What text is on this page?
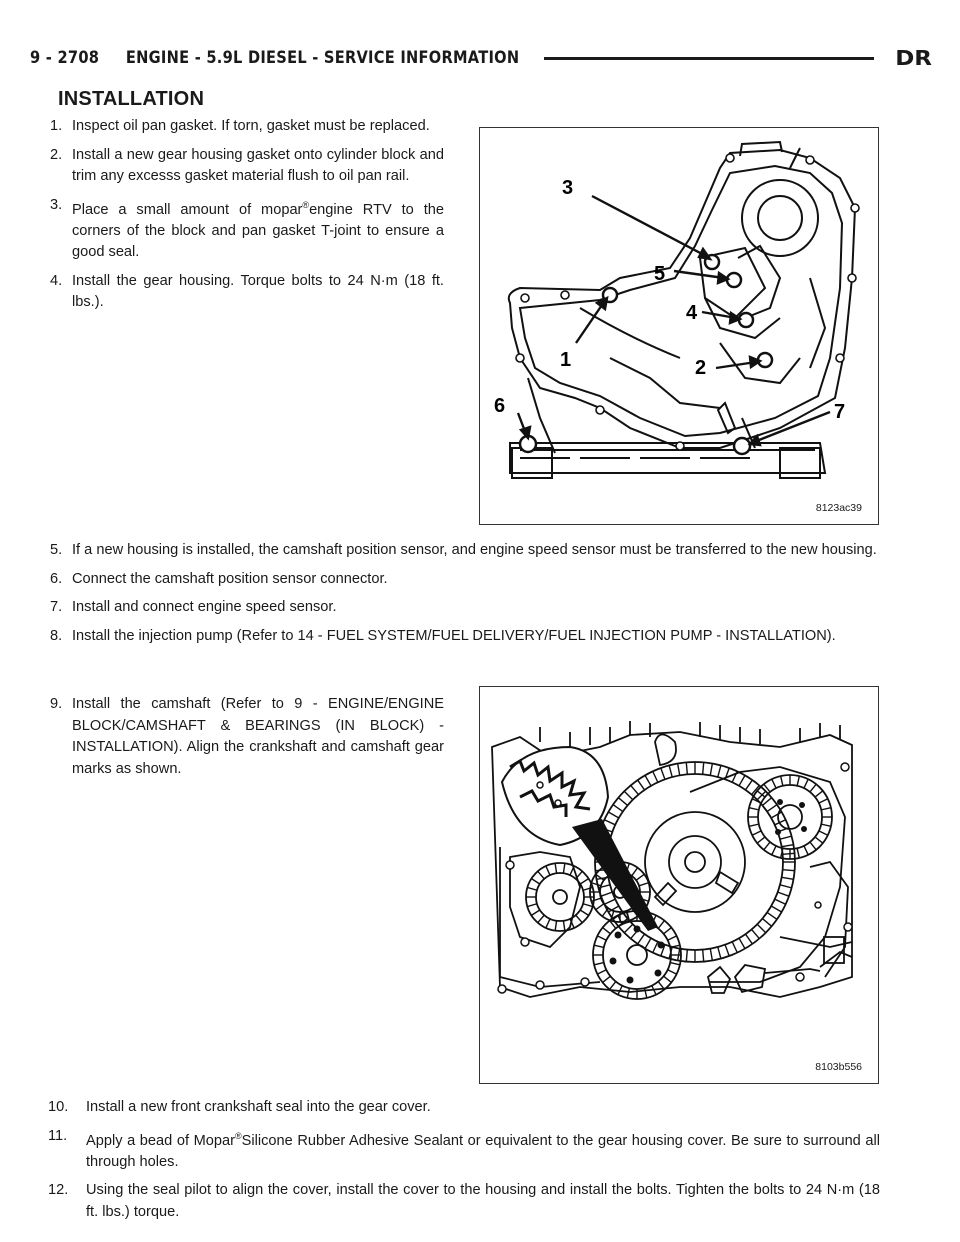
9 - 2708     ENGINE - 5.9L DIESEL - SERVICE INFORMATION	DR
INSTALLATION
1. Inspect oil pan gasket. If torn, gasket must be replaced.
2. Install a new gear housing gasket onto cylinder block and trim any excesss gasket material flush to oil pan rail.
3. Place a small amount of mopar®engine RTV to the corners of the block and pan gasket T-joint to ensure a good seal.
4. Install the gear housing. Torque bolts to 24 N·m (18 ft. lbs.).
3
5
4
1	2
6	7
8123ac39
5. If a new housing is installed, the camshaft position sensor, and engine speed sensor must be transferred to the new housing.
6. Connect the camshaft position sensor connector.
7. Install and connect engine speed sensor.
8. Install the injection pump (Refer to 14 - FUEL SYSTEM/FUEL DELIVERY/FUEL INJECTION PUMP - INSTALLATION).
9. Install the camshaft (Refer to 9 - ENGINE/ENGINE BLOCK/CAMSHAFT & BEARINGS (IN BLOCK) - INSTALLATION). Align the crankshaft and camshaft gear marks as shown.
8103b556
10. Install a new front crankshaft seal into the gear cover.
11. Apply a bead of Mopar®Silicone Rubber Adhesive Sealant or equivalent to the gear housing cover. Be sure to surround all through holes.
12. Using the seal pilot to align the cover, install the cover to the housing and install the bolts. Tighten the bolts to 24 N·m (18 ft. lbs.) torque.
